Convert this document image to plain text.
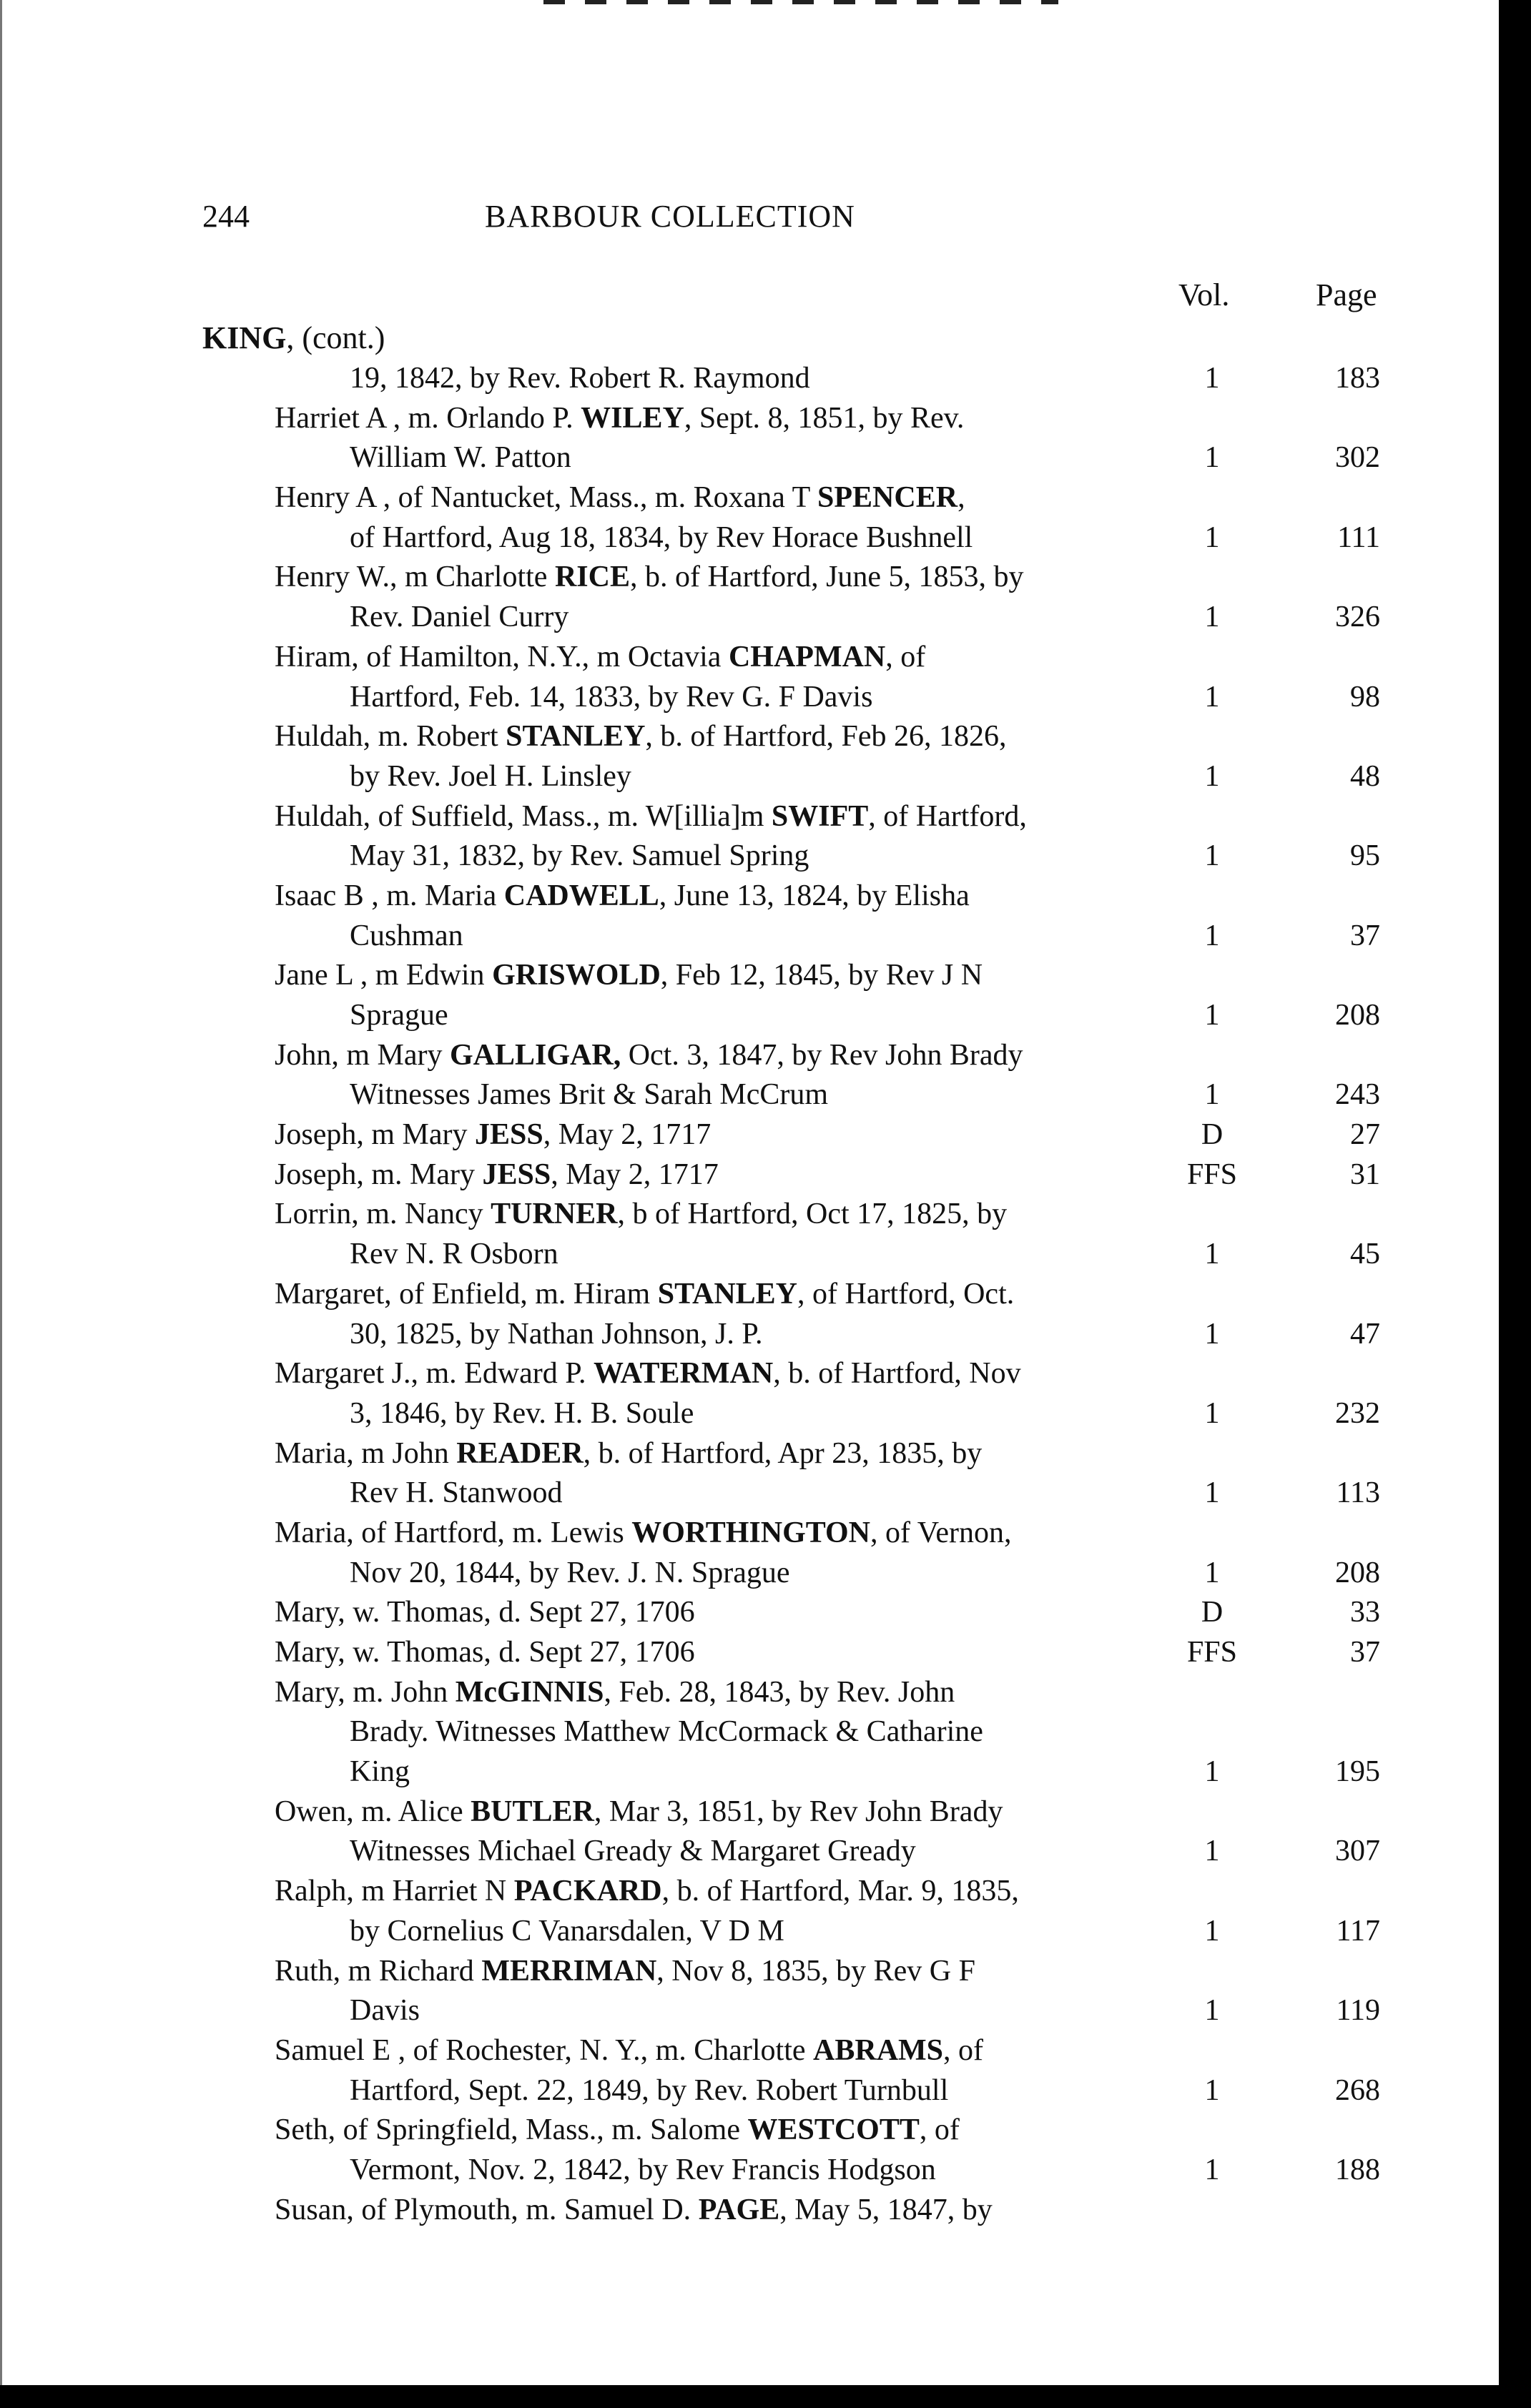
244	BARBOUR COLLECTION
Vol.	Page
KING, (cont.)
19, 1842, by Rev. Robert R. Raymond	1	183
Harriet A , m. Orlando P. WILEY, Sept. 8, 1851, by Rev.
William W. Patton	1	302
Henry A , of Nantucket, Mass., m. Roxana T SPENCER,
of Hartford, Aug 18, 1834, by Rev Horace Bushnell	1	111
Henry W., m Charlotte RICE, b. of Hartford, June 5, 1853, by
Rev. Daniel Curry	1	326
Hiram, of Hamilton, N.Y., m Octavia CHAPMAN, of
Hartford, Feb. 14, 1833, by Rev G. F Davis	1	98
Huldah, m. Robert STANLEY, b. of Hartford, Feb 26, 1826,
by Rev. Joel H. Linsley	1	48
Huldah, of Suffield, Mass., m. W[illia]m SWIFT, of Hartford,
May 31, 1832, by Rev. Samuel Spring	1	95
Isaac B , m. Maria CADWELL, June 13, 1824, by Elisha
Cushman	1	37
Jane L , m Edwin GRISWOLD, Feb 12, 1845, by Rev J N
Sprague	1	208
John, m Mary GALLIGAR, Oct. 3, 1847, by Rev John Brady
Witnesses James Brit & Sarah McCrum	1	243
Joseph, m Mary JESS, May 2, 1717	D	27
Joseph, m. Mary JESS, May 2, 1717	FFS	31
Lorrin, m. Nancy TURNER, b of Hartford, Oct 17, 1825, by
Rev N. R Osborn	1	45
Margaret, of Enfield, m. Hiram STANLEY, of Hartford, Oct.
30, 1825, by Nathan Johnson, J. P.	1	47
Margaret J., m. Edward P. WATERMAN, b. of Hartford, Nov
3, 1846, by Rev. H. B. Soule	1	232
Maria, m John READER, b. of Hartford, Apr 23, 1835, by
Rev H. Stanwood	1	113
Maria, of Hartford, m. Lewis WORTHINGTON, of Vernon,
Nov 20, 1844, by Rev. J. N. Sprague	1	208
Mary, w. Thomas, d. Sept 27, 1706	D	33
Mary, w. Thomas, d. Sept 27, 1706	FFS	37
Mary, m. John McGINNIS, Feb. 28, 1843, by Rev. John
Brady. Witnesses Matthew McCormack & Catharine
King	1	195
Owen, m. Alice BUTLER, Mar 3, 1851, by Rev John Brady
Witnesses Michael Gready & Margaret Gready	1	307
Ralph, m Harriet N PACKARD, b. of Hartford, Mar. 9, 1835,
by Cornelius C Vanarsdalen, V D M	1	117
Ruth, m Richard MERRIMAN, Nov 8, 1835, by Rev G F
Davis	1	119
Samuel E , of Rochester, N. Y., m. Charlotte ABRAMS, of
Hartford, Sept. 22, 1849, by Rev. Robert Turnbull	1	268
Seth, of Springfield, Mass., m. Salome WESTCOTT, of
Vermont, Nov. 2, 1842, by Rev Francis Hodgson	1	188
Susan, of Plymouth, m. Samuel D. PAGE, May 5, 1847, by
